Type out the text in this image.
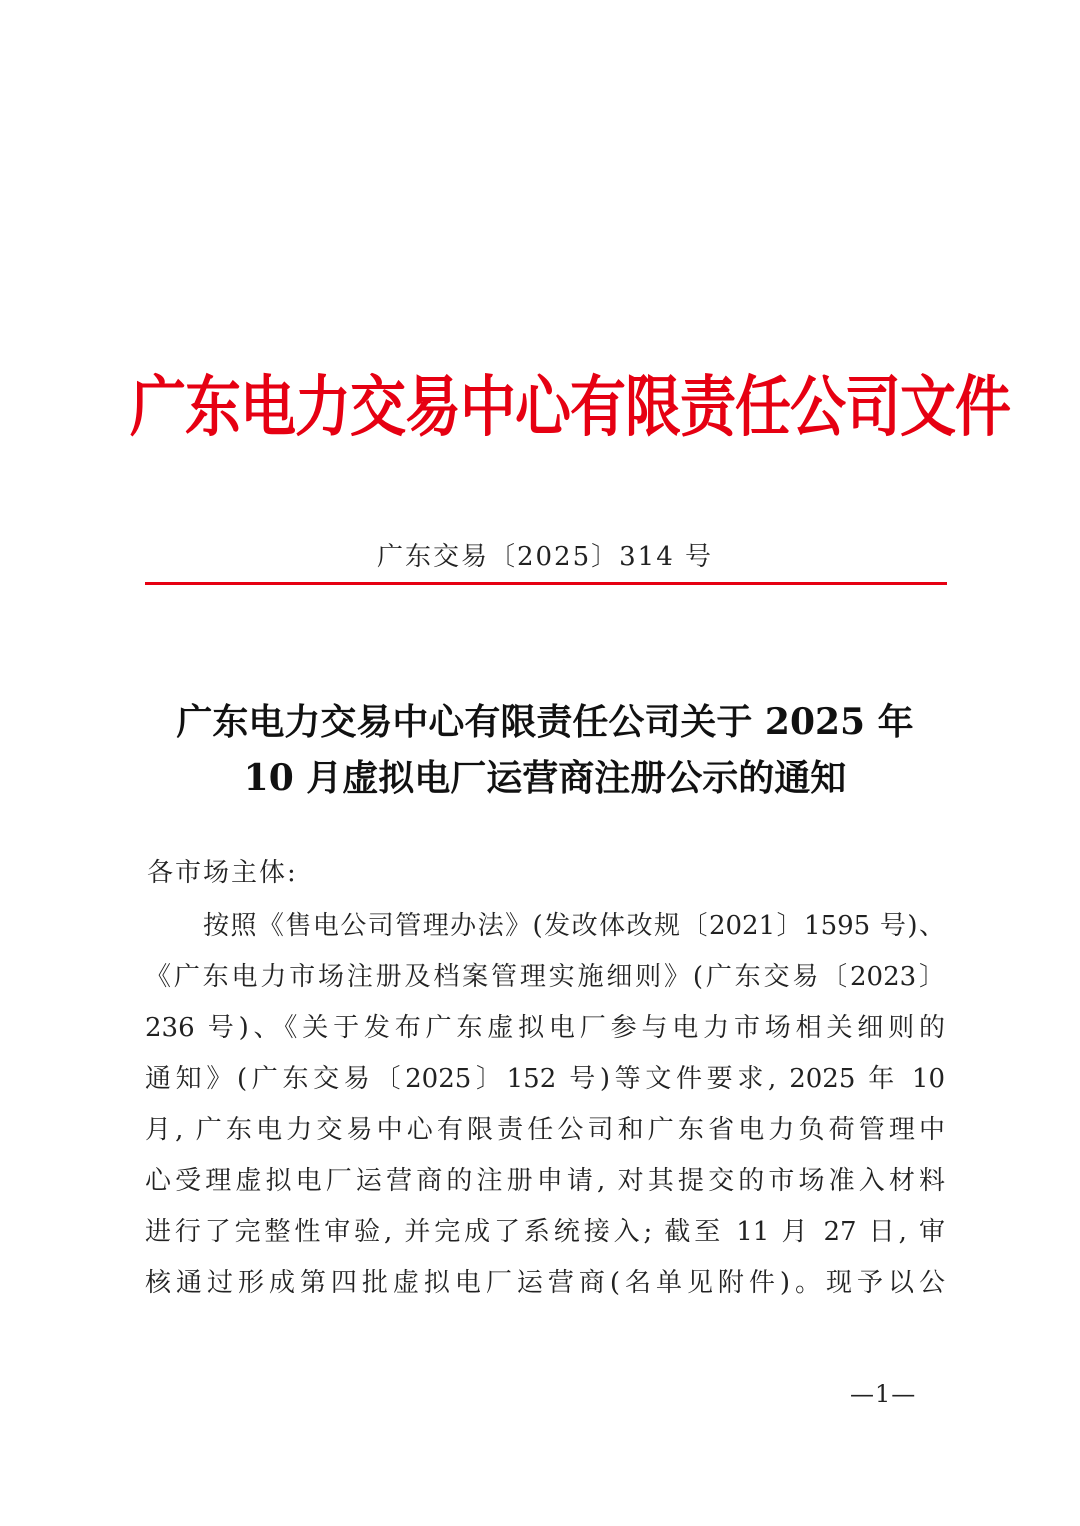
广东电力交易中心有限责任公司文件
广东交易〔2025〕314 号
广东电力交易中心有限责任公司关于 2025 年
10 月虚拟电厂运营商注册公示的通知
各市场主体:
按照《售电公司管理办法》(发改体改规〔2021〕1595 号)、
《广东电力市场注册及档案管理实施细则》(广东交易〔2023〕
236 号)、《关于发布广东虚拟电厂参与电力市场相关细则的
通知》(广东交易〔2025〕152 号)等文件要求, 2025 年 10
月, 广东电力交易中心有限责任公司和广东省电力负荷管理中
心受理虚拟电厂运营商的注册申请, 对其提交的市场准入材料
进行了完整性审验, 并完成了系统接入; 截至 11 月 27 日, 审
核通过形成第四批虚拟电厂运营商(名单见附件)。现予以公
—1—
